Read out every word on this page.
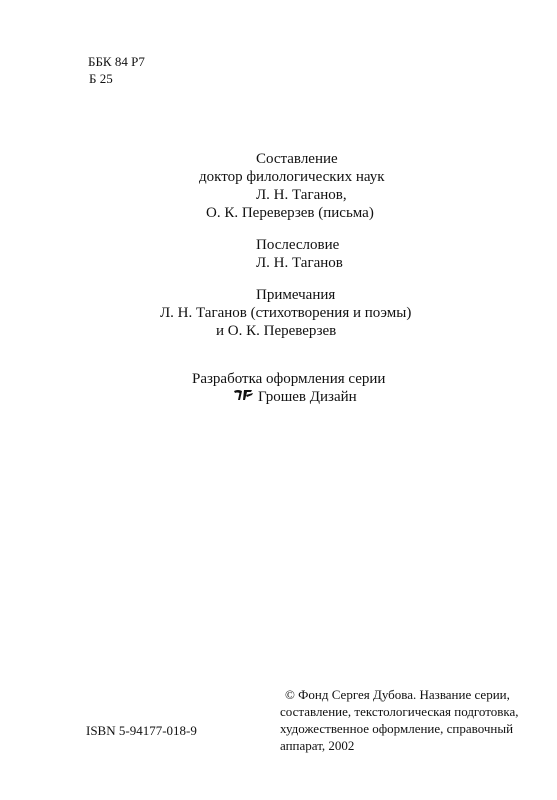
ББК 84 Р7
Б 25
Составление
доктор филологических наук
Л. Н. Таганов,
О. К. Переверзев (письма)
Послесловие
Л. Н. Таганов
Примечания
Л. Н. Таганов (стихотворения и поэмы)
и О. К. Переверзев
Разработка оформления серии
Грошев Дизайн
ISBN 5-94177-018-9
© Фонд Сергея Дубова. Название серии,
составление, текстологическая подготовка,
художественное оформление, справочный
аппарат, 2002
